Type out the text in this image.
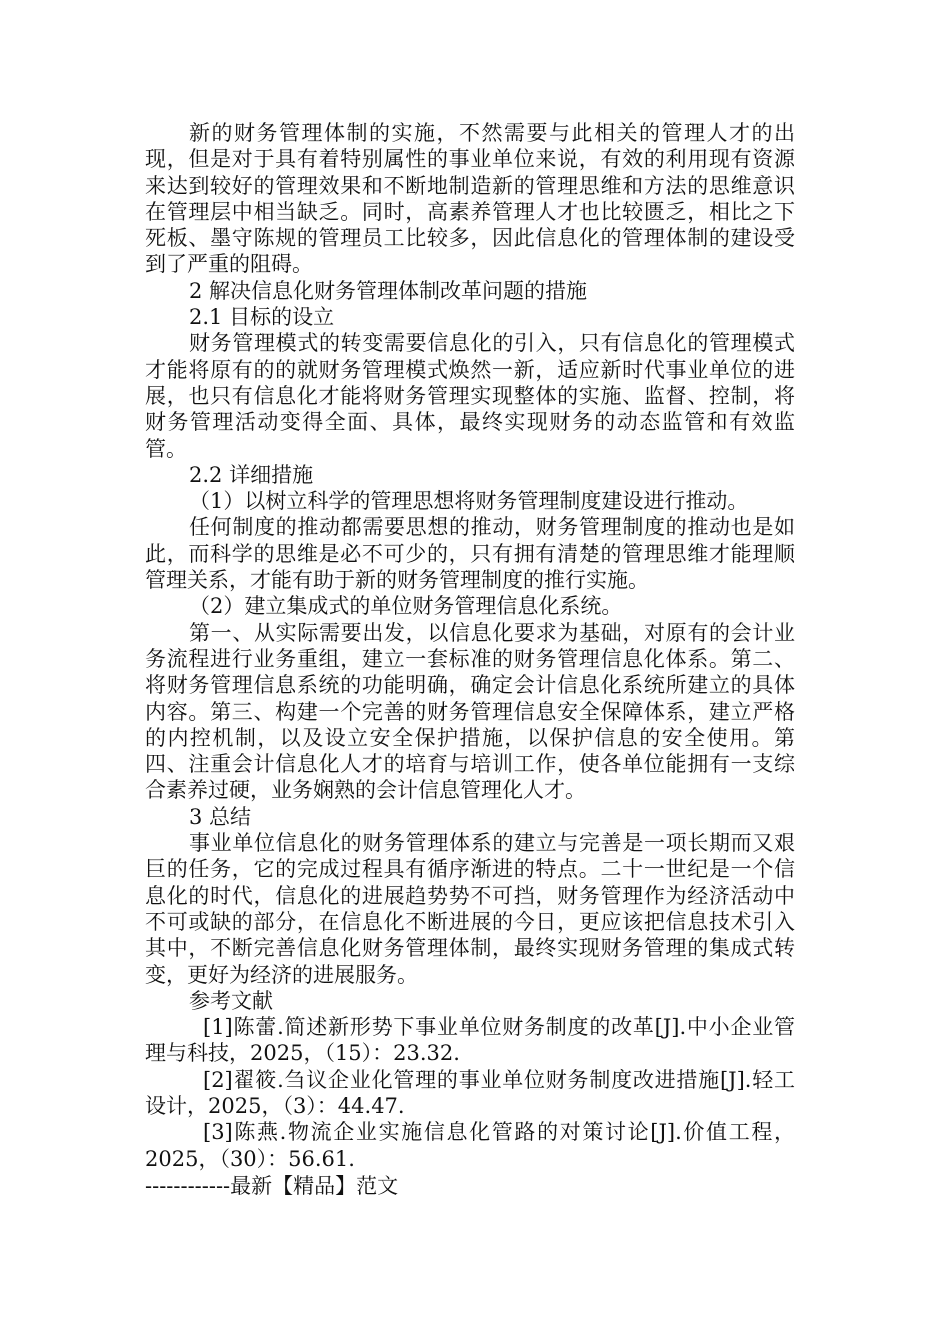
新的财务管理体制的实施，不然需要与此相关的管理人才的出现，但是对于具有着特别属性的事业单位来说，有效的利用现有资源来达到较好的管理效果和不断地制造新的管理思维和方法的思维意识在管理层中相当缺乏。同时，高素养管理人才也比较匮乏，相比之下死板、墨守陈规的管理员工比较多，因此信息化的管理体制的建设受到了严重的阻碍。

2 解决信息化财务管理体制改革问题的措施

2.1 目标的设立

财务管理模式的转变需要信息化的引入，只有信息化的管理模式才能将原有的的就财务管理模式焕然一新，适应新时代事业单位的进展，也只有信息化才能将财务管理实现整体的实施、监督、控制，将财务管理活动变得全面、具体，最终实现财务的动态监管和有效监管。

2.2 详细措施

（1）以树立科学的管理思想将财务管理制度建设进行推动。

任何制度的推动都需要思想的推动，财务管理制度的推动也是如此，而科学的思维是必不可少的，只有拥有清楚的管理思维才能理顺管理关系，才能有助于新的财务管理制度的推行实施。

（2）建立集成式的单位财务管理信息化系统。

第一、从实际需要出发，以信息化要求为基础，对原有的会计业务流程进行业务重组，建立一套标准的财务管理信息化体系。第二、将财务管理信息系统的功能明确，确定会计信息化系统所建立的具体内容。第三、构建一个完善的财务管理信息安全保障体系，建立严格的内控机制，以及设立安全保护措施，以保护信息的安全使用。第四、注重会计信息化人才的培育与培训工作，使各单位能拥有一支综合素养过硬，业务娴熟的会计信息管理化人才。

3 总结

事业单位信息化的财务管理体系的建立与完善是一项长期而又艰巨的任务，它的完成过程具有循序渐进的特点。二十一世纪是一个信息化的时代，信息化的进展趋势势不可挡，财务管理作为经济活动中不可或缺的部分，在信息化不断进展的今日，更应该把信息技术引入其中，不断完善信息化财务管理体制，最终实现财务管理的集成式转变，更好为经济的进展服务。

参考文献

[1]陈蕾.简述新形势下事业单位财务制度的改革[J].中小企业管理与科技，2025，（15）：23.32.

[2]翟筱.刍议企业化管理的事业单位财务制度改进措施[J].轻工设计，2025，（3）：44.47.

[3]陈燕.物流企业实施信息化管路的对策讨论[J].价值工程，2025，（30）：56.61.

------------最新【精品】范文
